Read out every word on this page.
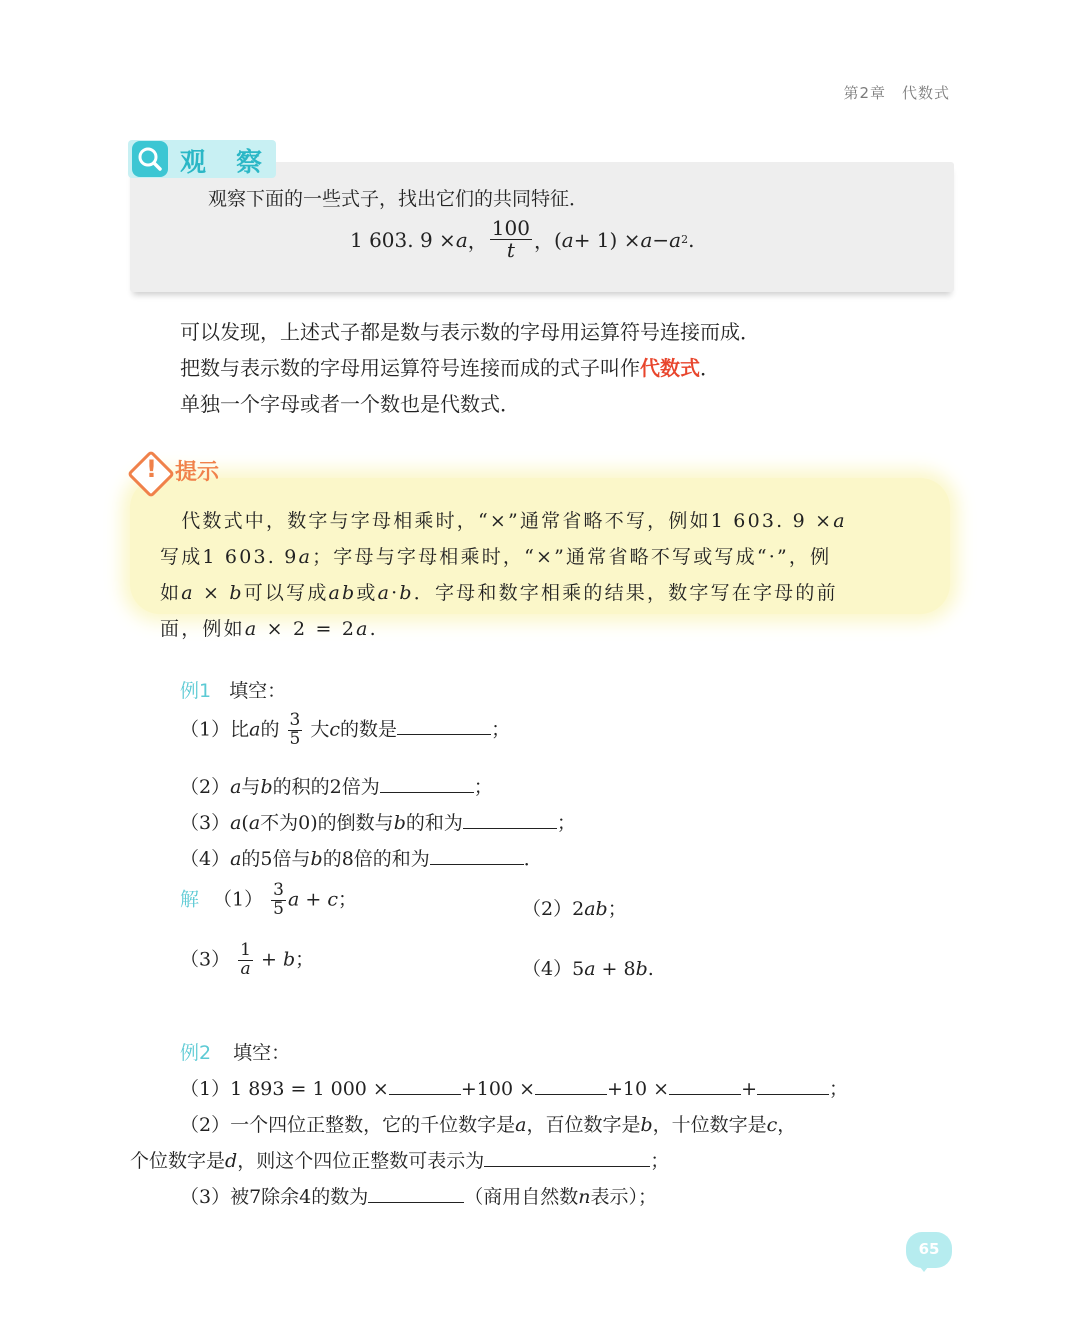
第2章　代数式
观察
观察下面的一些式子，找出它们的共同特征．
1 603. 9 × a ， $\frac{100}{t}$ ， ( a + 1) × a − a 2 .
可以发现，上述式子都是数与表示数的字母用运算符号连接而成．
把数与表示数的字母用运算符号连接而成的式子叫作代数式．
单独一个字母或者一个数也是代数式．
! 提示
　代数式中，数字与字母相乘时，“×”通常省略不写，例如1 603. 9 ×a
写成1 603. 9a；字母与字母相乘时，“×”通常省略不写或写成“·”，例
如a × b可以写成ab或a·b．字母和数字相乘的结果，数字写在字母的前
面，例如a × 2 = 2a.
例1 填空：
（1）比a的 $\frac{3}{5}$ 大c的数是	；
（2）a与b的积的2倍为	；
（3）a(a不为0)的倒数与b的和为	；
（4）a的5倍与b的8倍的和为	．
解 $(1) \frac{3}{5}$ a + c；	（2）2ab；
$(3) \frac{1}{a} + b$；	（4）5a + 8b.
例2 填空：
（1）1 893 = 1 000 ×	+100 ×	+10 ×	+	；
（2）一个四位正整数，它的千位数字是a，百位数字是b，十位数字是c，
个位数字是d，则这个四位正整数可表示为	；
（3）被7除余4的数为	（商用自然数n表示）；
65
